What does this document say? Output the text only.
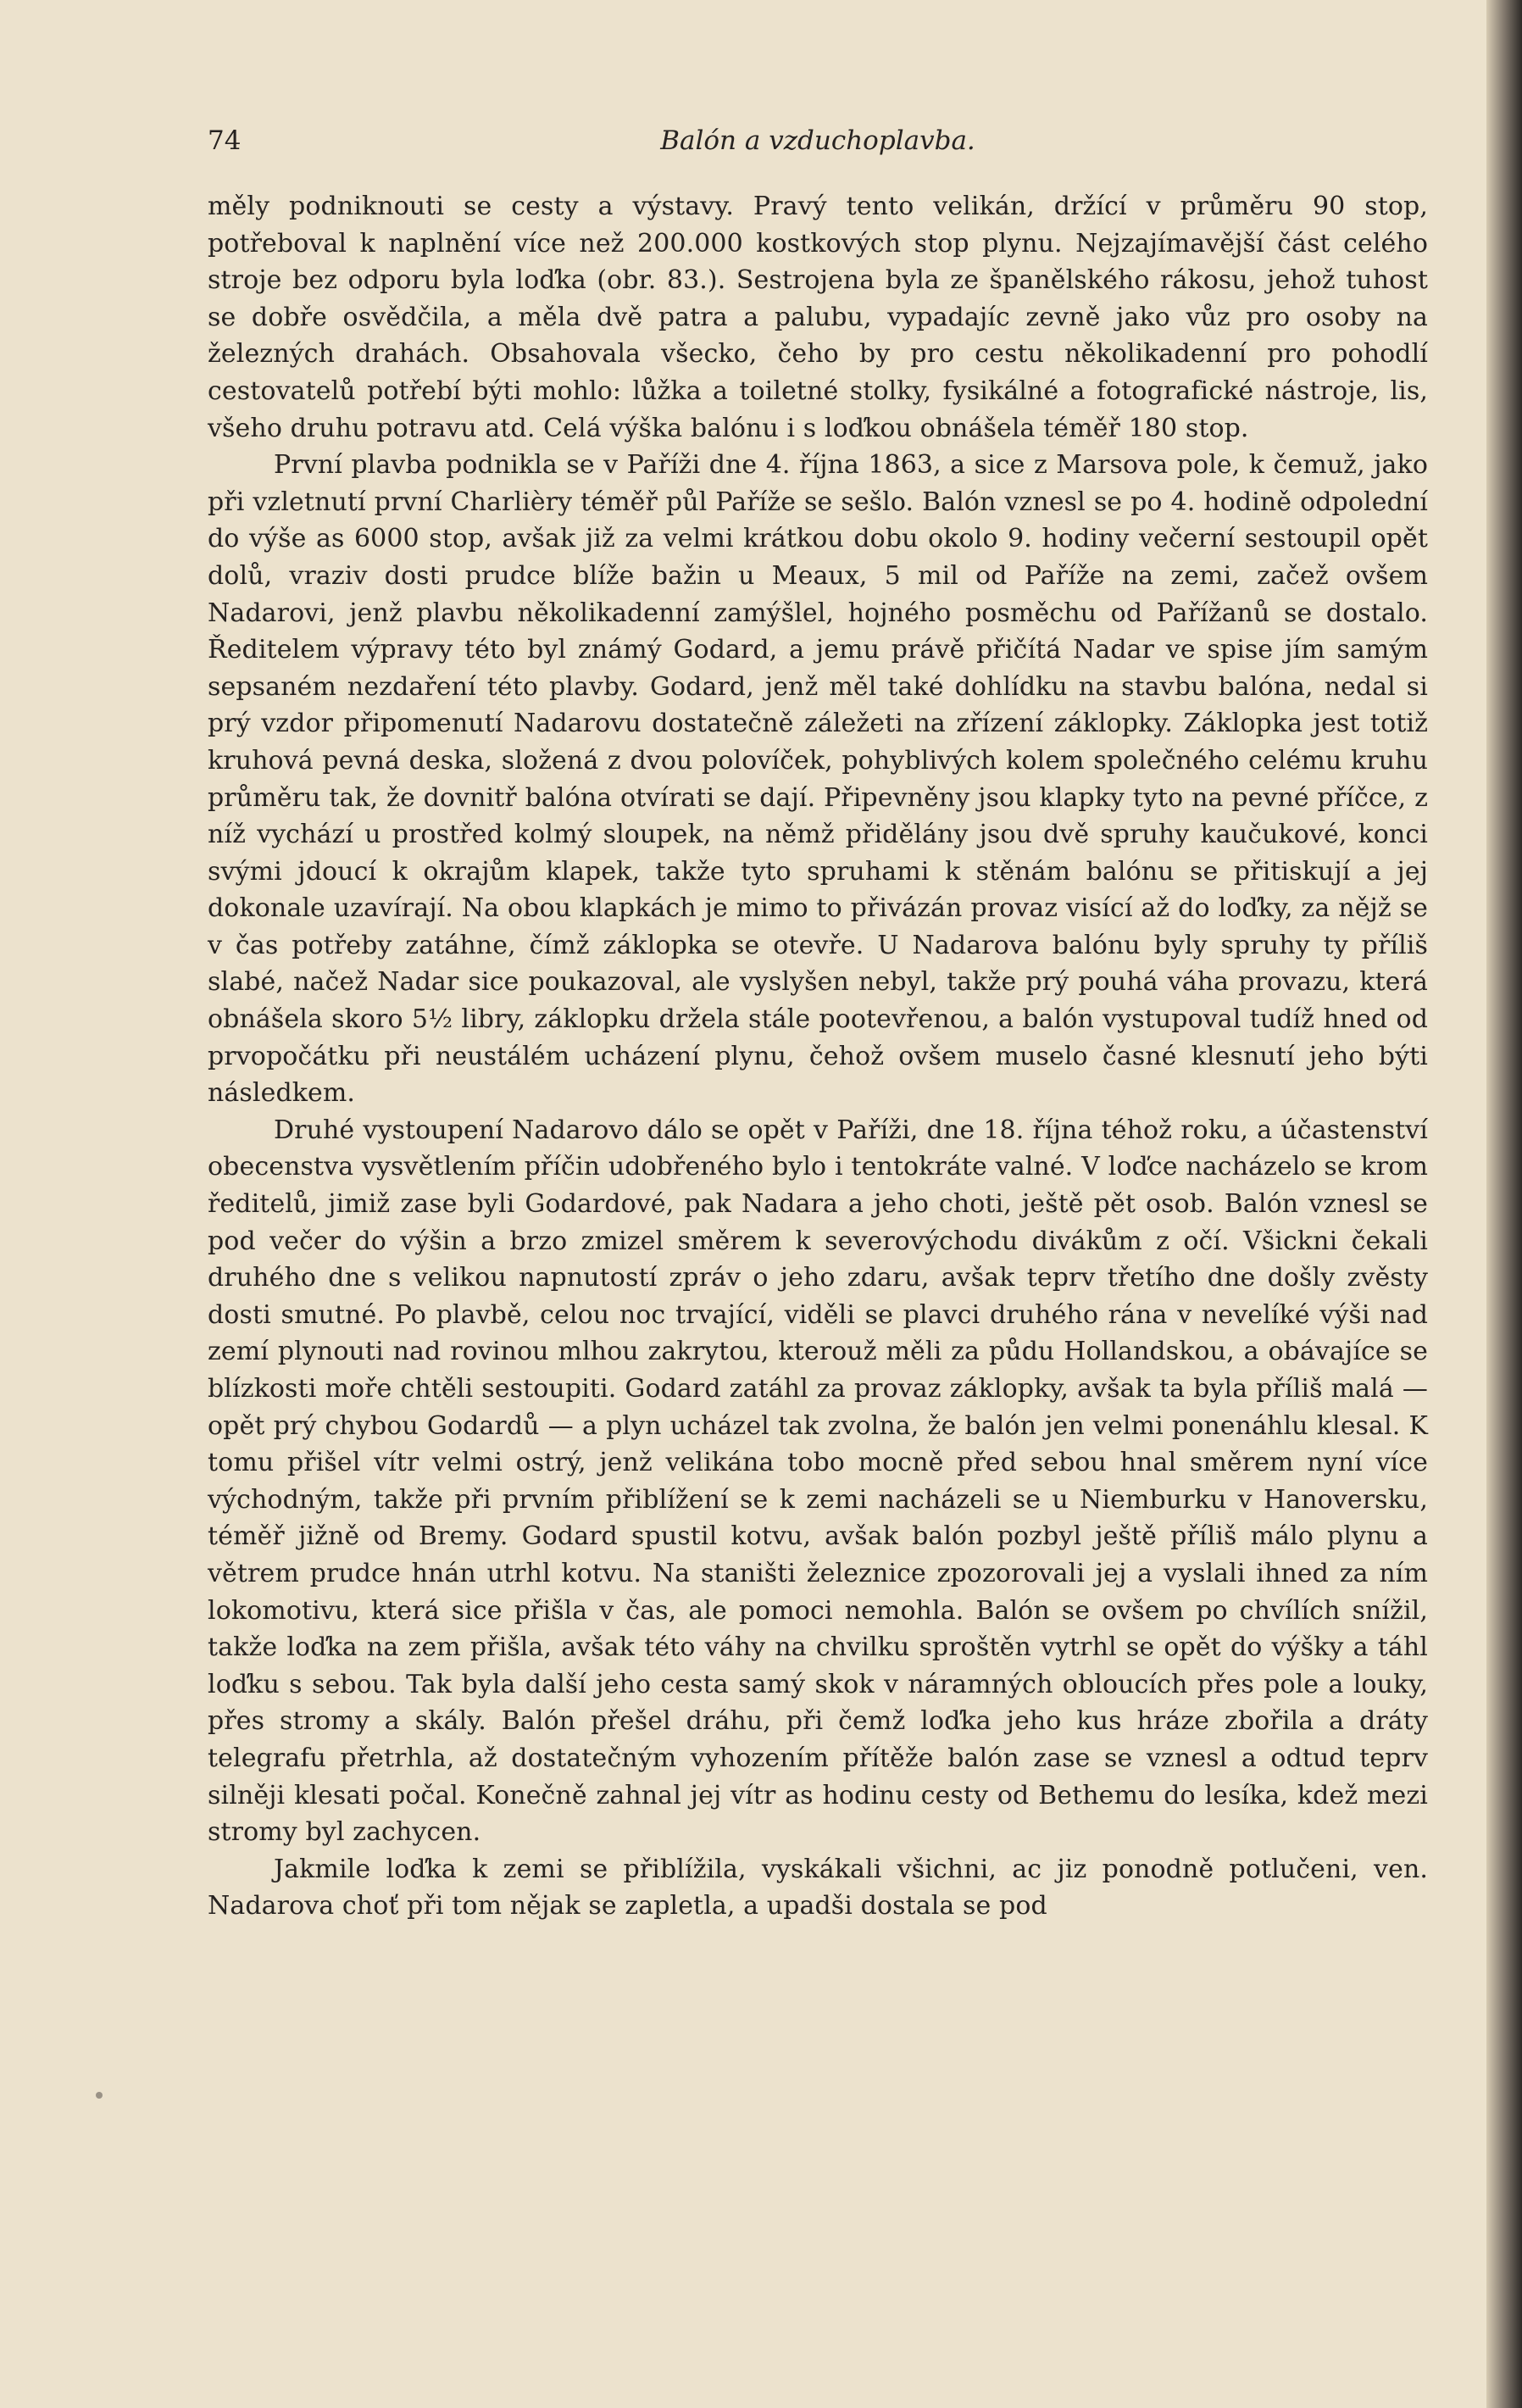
74	Balón a vzduchoplavba.

měly podniknouti se cesty a výstavy. Pravý tento velikán, držící v průměru 90 stop, potřeboval k naplnění více než 200.000 kostkových stop plynu. Nejzajímavější část celého stroje bez odporu byla loďka (obr. 83.). Sestrojena byla ze španělského rákosu, jehož tuhost se dobře osvědčila, a měla dvě patra a palubu, vypadajíc zevně jako vůz pro osoby na železných drahách. Obsahovala všecko, čeho by pro cestu několikadenní pro pohodlí cestovatelů potřebí býti mohlo: lůžka a toiletné stolky, fysikálné a fotografické nástroje, lis, všeho druhu potravu atd. Celá výška balónu i s loďkou obnášela téměř 180 stop.

První plavba podnikla se v Paříži dne 4. října 1863, a sice z Marsova pole, k čemuž, jako při vzletnutí první Charlièry téměř půl Paříže se sešlo. Balón vznesl se po 4. hodině odpolední do výše as 6000 stop, avšak již za velmi krátkou dobu okolo 9. hodiny večerní sestoupil opět dolů, vraziv dosti prudce blíže bažin u Meaux, 5 mil od Paříže na zemi, začež ovšem Nadarovi, jenž plavbu několikadenní zamýšlel, hojného posměchu od Pařížanů se dostalo. Ředitelem výpravy této byl známý Godard, a jemu právě přičítá Nadar ve spise jím samým sepsaném nezdaření této plavby. Godard, jenž měl také dohlídku na stavbu balóna, nedal si prý vzdor připomenutí Nadarovu dostatečně záležeti na zřízení záklopky. Záklopka jest totiž kruhová pevná deska, složená z dvou polovíček, pohyblivých kolem společného celému kruhu průměru tak, že dovnitř balóna otvírati se dají. Připevněny jsou klapky tyto na pevné příčce, z níž vychází u prostřed kolmý sloupek, na němž přidělány jsou dvě spruhy kaučukové, konci svými jdoucí k okrajům klapek, takže tyto spruhami k stěnám balónu se přitiskují a jej dokonale uzavírají. Na obou klapkách je mimo to přivázán provaz visící až do loďky, za nějž se v čas potřeby zatáhne, čímž záklopka se otevře. U Nadarova balónu byly spruhy ty příliš slabé, načež Nadar sice poukazoval, ale vyslyšen nebyl, takže prý pouhá váha provazu, která obnášela skoro 5½ libry, záklopku držela stále pootevřenou, a balón vystupoval tudíž hned od prvopočátku při neustálém ucházení plynu, čehož ovšem muselo časné klesnutí jeho býti následkem.

Druhé vystoupení Nadarovo dálo se opět v Paříži, dne 18. října téhož roku, a účastenství obecenstva vysvětlením příčin udobřeného bylo i tentokráte valné. V loďce nacházelo se krom ředitelů, jimiž zase byli Godardové, pak Nadara a jeho choti, ještě pět osob. Balón vznesl se pod večer do výšin a brzo zmizel směrem k severovýchodu divákům z očí. Všickni čekali druhého dne s velikou napnutostí zpráv o jeho zdaru, avšak teprv třetího dne došly zvěsty dosti smutné. Po plavbě, celou noc trvající, viděli se plavci druhého rána v nevelíké výši nad zemí plynouti nad rovinou mlhou zakrytou, kterouž měli za půdu Hollandskou, a obávajíce se blízkosti moře chtěli sestoupiti. Godard zatáhl za provaz záklopky, avšak ta byla příliš malá — opět prý chybou Godardů — a plyn ucházel tak zvolna, že balón jen velmi ponenáhlu klesal. K tomu přišel vítr velmi ostrý, jenž velikána tobo mocně před sebou hnal směrem nyní více východným, takže při prvním přiblížení se k zemi nacházeli se u Niemburku v Hanoversku, téměř jižně od Bremy. Godard spustil kotvu, avšak balón pozbyl ještě příliš málo plynu a větrem prudce hnán utrhl kotvu. Na staništi železnice zpozorovali jej a vyslali ihned za ním lokomotivu, která sice přišla v čas, ale pomoci nemohla. Balón se ovšem po chvílích snížil, takže loďka na zem přišla, avšak této váhy na chvilku sproštěn vytrhl se opět do výšky a táhl loďku s sebou. Tak byla další jeho cesta samý skok v náramných obloucích přes pole a louky, přes stromy a skály. Balón přešel dráhu, při čemž loďka jeho kus hráze zbořila a dráty telegrafu přetrhla, až dostatečným vyhozením přítěže balón zase se vznesl a odtud teprv silněji klesati počal. Konečně zahnal jej vítr as hodinu cesty od Bethemu do lesíka, kdež mezi stromy byl zachycen.

Jakmile loďka k zemi se přiblížila, vyskákali všichni, ac jiz ponodně potlučeni, ven. Nadarova choť při tom nějak se zapletla, a upadši dostala se pod
